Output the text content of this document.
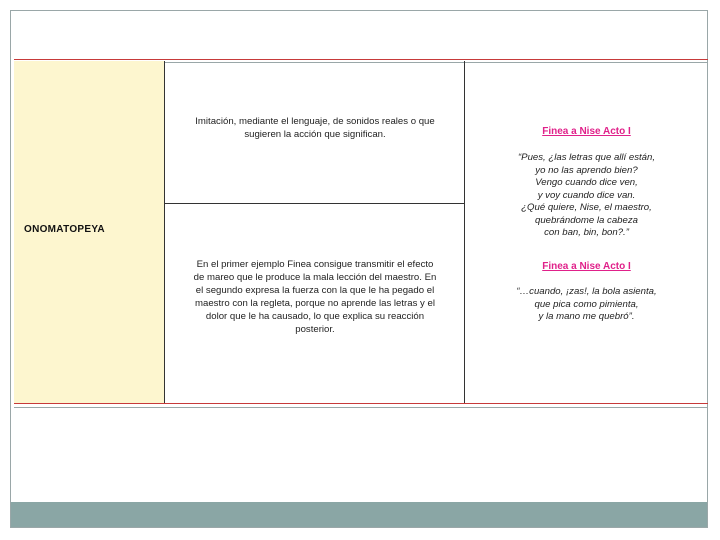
ONOMATOPEYA
Imitación, mediante el lenguaje, de sonidos reales o que
sugieren la acción que significan.
En el primer ejemplo Finea consigue transmitir el efecto
de mareo que le produce la mala lección del maestro. En
el segundo expresa la fuerza con la que le ha pegado el
maestro con la regleta, porque no aprende las letras y el
dolor que le ha causado, lo que explica su reacción
posterior.
Finea a Nise Acto I
“Pues, ¿las letras que allí están,
yo no las aprendo bien?
Vengo cuando dice ven,
y voy cuando dice van.
¿Qué quiere, Nise, el maestro,
quebrándome la cabeza
con ban, bin, bon?.”
Finea a Nise Acto I
“…cuando, ¡zas!, la bola asienta,
que pica como pimienta,
y la mano me quebró”.
